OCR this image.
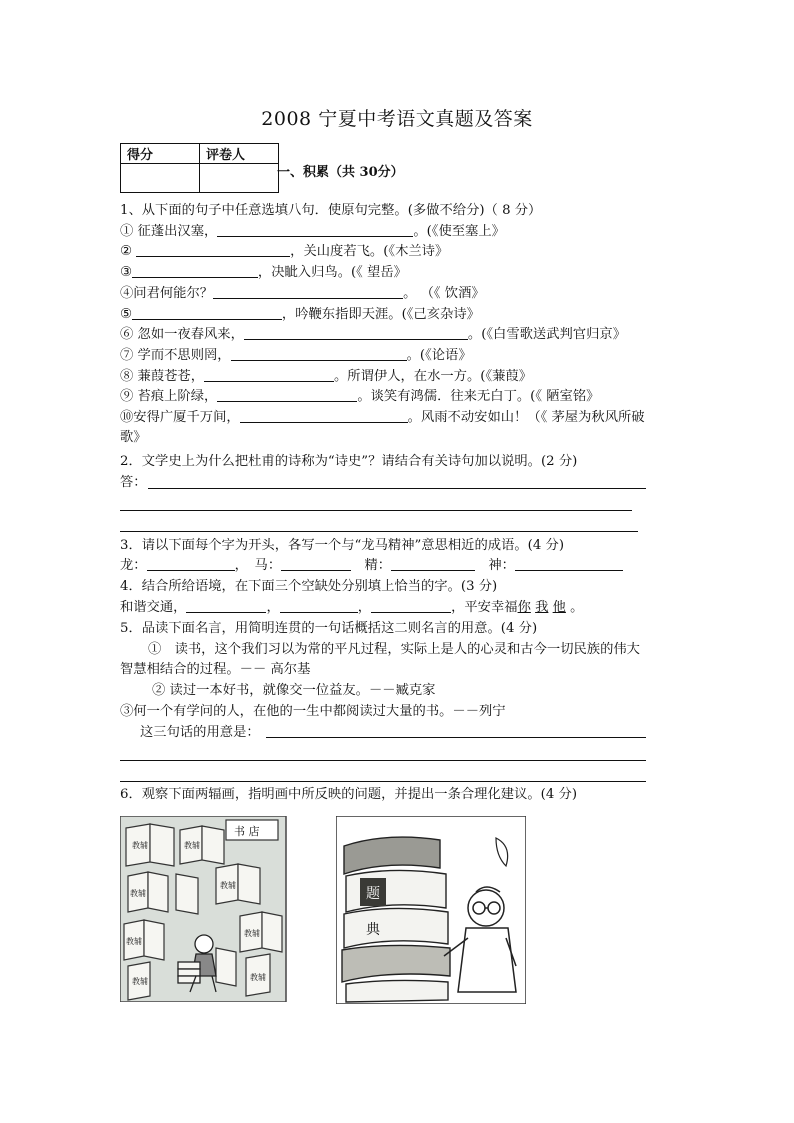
2008 宁夏中考语文真题及答案
得分	评卷人

一、积累（共 30分）
1、从下面的句子中任意选填八句．使原句完整。(多做不给分)（ 8 分）
① 征蓬出汉塞，	。(《使至塞上》
②	，关山度若飞。(《木兰诗》
③	，决眦入归鸟。(《 望岳》
④问君何能尔？	。 （《 饮酒》
⑤	，吟鞭东指即天涯。(《己亥杂诗》
⑥ 忽如一夜春风来，	。(《白雪歌送武判官归京》
⑦ 学而不思则罔，	。(《论语》
⑧ 蒹葭苍苍，	。所谓伊人，在水一方。(《蒹葭》
⑨ 苔痕上阶绿，	。谈笑有鸿儒．往来无白丁。(《 陋室铭》
⑩安得广厦千万间，	。风雨不动安如山！（《 茅屋为秋风所破
歌》
2．文学史上为什么把杜甫的诗称为“诗史”？请结合有关诗句加以说明。(2 分)
答：
3．请以下面每个字为开头，各写一个与“龙马精神”意思相近的成语。(4 分)
龙：	，　马：　	精：　	神：
4．结合所给语境，在下面三个空缺处分别填上恰当的字。(3 分)
和谐交通，	，	，	，平安幸福你 我 他 。
5．品读下面名言，用简明连贯的一句话概括这二则名言的用意。(4 分)
①　读书，这个我们习以为常的平凡过程，实际上是人的心灵和古今一切民族的伟大
智慧相结合的过程。－－ 高尔基
② 读过一本好书，就像交一位益友。－－臧克家
③何一个有学问的人，在他的一生中都阅读过大量的书。－－列宁
这三句话的用意是：
6．观察下面两辐画，指明画中所反映的问题，并提出一条合理化建议。(4 分)
教辅	教辅
教辅
教辅
教辅
教辅
教辅	教辅
书 店
题
典
